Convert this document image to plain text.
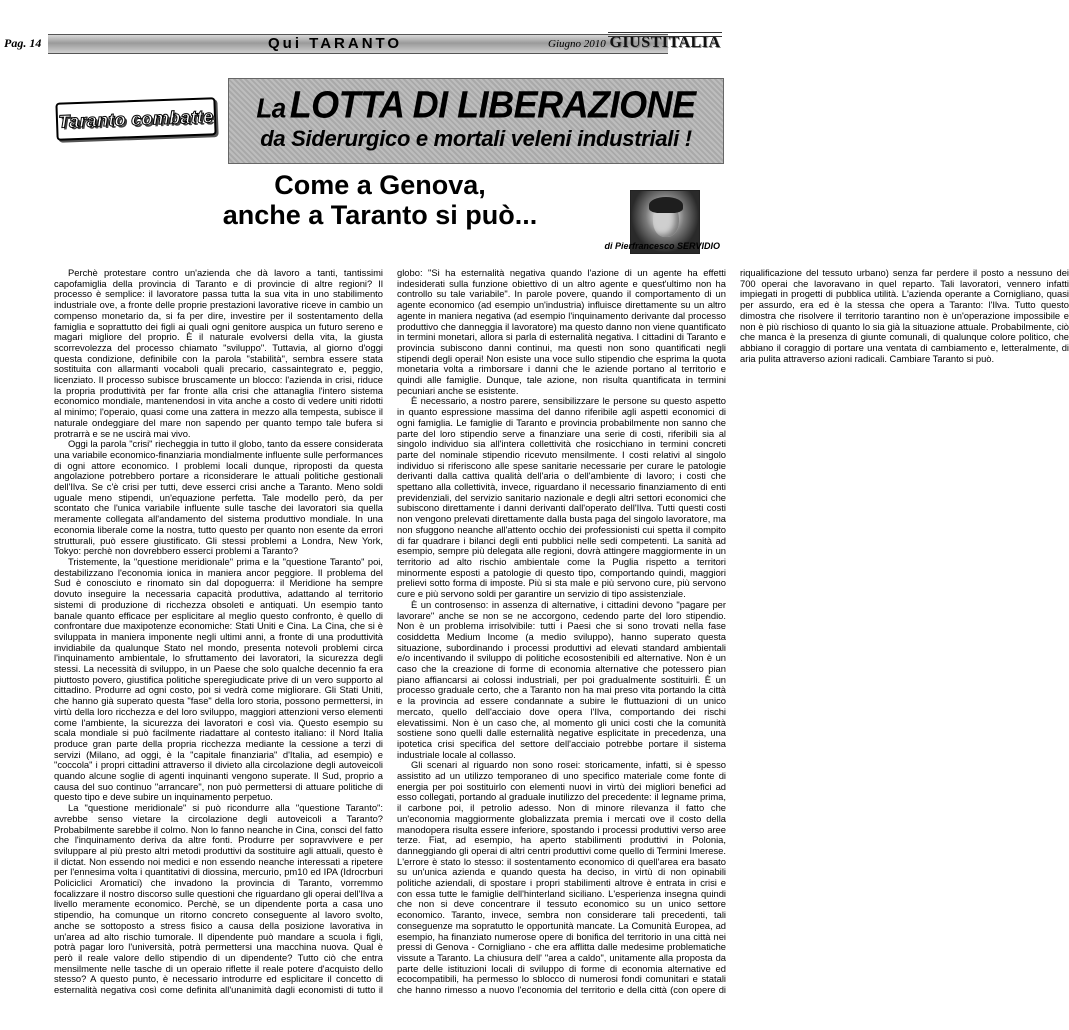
Pag. 14	Qui TARANTO	Giugno 2010 GIUSTITALIA
Taranto combatte	La LOTTA DI LIBERAZIONE
da Siderurgico e mortali veleni industriali !
Come a Genova,
anche a Taranto si può...
di Pierfrancesco SERVIDIO

Perchè protestare contro un'azienda che dà lavoro a tanti, tantissimi capofamiglia della provincia di Taranto e di provincie di altre regioni? Il processo è semplice: il lavoratore passa tutta la sua vita in uno stabilimento industriale ove, a fronte delle proprie prestazioni lavorative riceve in cambio un compenso monetario da, si fa per dire, investire per il sostentamento della famiglia e soprattutto dei figli ai quali ogni genitore auspica un futuro sereno e magari migliore del proprio. È il naturale evolversi della vita, la giusta scorrevolezza del processo chiamato "sviluppo". Tuttavia, al giorno d'oggi questa condizione, definibile con la parola "stabilità", sembra essere stata sostituita con allarmanti vocaboli quali precario, cassaintegrato e, peggio, licenziato. Il processo subisce bruscamente un blocco: l'azienda in crisi, riduce la propria produttività per far fronte alla crisi che attanaglia l'intero sistema economico mondiale, mantenendosi in vita anche a costo di vedere uniti ridotti al minimo; l'operaio, quasi come una zattera in mezzo alla tempesta, subisce il naturale ondeggiare del mare non sapendo per quanto tempo tale bufera si protrarrà e se ne uscirà mai vivo.

Oggi la parola "crisi" riecheggia in tutto il globo, tanto da essere considerata una variabile economico-finanziaria mondialmente influente sulle performances di ogni attore economico. I problemi locali dunque, riproposti da questa angolazione potrebbero portare a riconsiderare le attuali politiche gestionali dell'Ilva. Se c'è crisi per tutti, deve esserci crisi anche a Taranto. Meno soldi uguale meno stipendi, un'equazione perfetta. Tale modello però, da per scontato che l'unica variabile influente sulle tasche dei lavoratori sia quella meramente collegata all'andamento del sistema produttivo mondiale. In una economia liberale come la nostra, tutto questo per quanto non esente da errori strutturali, può essere giustificato. Gli stessi problemi a Londra, New York, Tokyo: perchè non dovrebbero esserci problemi a Taranto?

Tristemente, la "questione meridionale" prima e la "questione Taranto" poi, destabilizzano l'economia ionica in maniera ancor peggiore. Il problema del Sud è conosciuto e rinomato sin dal dopoguerra: il Meridione ha sempre dovuto inseguire la necessaria capacità produttiva, adattando al territorio sistemi di produzione di ricchezza obsoleti e antiquati. Un esempio tanto banale quanto efficace per esplicitare al meglio questo confronto, è quello di confrontare due maxipotenze economiche: Stati Uniti e Cina. La Cina, che si è sviluppata in maniera imponente negli ultimi anni, a fronte di una produttività invidiabile da qualunque Stato nel mondo, presenta notevoli problemi circa l'inquinamento ambientale, lo sfruttamento dei lavoratori, la sicurezza degli stessi. La necessità di sviluppo, in un Paese che solo qualche decennio fa era piuttosto povero, giustifica politiche speregiudicate prive di un vero supporto al cittadino. Produrre ad ogni costo, poi si vedrà come migliorare. Gli Stati Uniti, che hanno già superato questa "fase" della loro storia, possono permettersi, in virtù della loro ricchezza e del loro sviluppo, maggiori attenzioni verso elementi come l'ambiente, la sicurezza dei lavoratori e così via. Questo esempio su scala mondiale si può facilmente riadattare al contesto italiano: il Nord Italia produce gran parte della propria ricchezza mediante la cessione a terzi di servizi (Milano, ad oggi, è la "capitale finanziaria" d'Italia, ad esempio) e "coccola" i propri cittadini attraverso il divieto alla circolazione degli autoveicoli quando alcune soglie di agenti inquinanti vengono superate. Il Sud, proprio a causa del suo continuo "arrancare", non può permettersi di attuare politiche di questo tipo e deve subire un inquinamento perpetuo.

La "questione meridionale" si può ricondurre alla "questione Taranto": avrebbe senso vietare la circolazione degli autoveicoli a Taranto? Probabilmente sarebbe il colmo. Non lo fanno neanche in Cina, consci del fatto che l'inquinamento deriva da altre fonti. Produrre per sopravvivere e per sviluppare al più presto altri metodi produttivi da sostituire agli attuali, questo è il dictat. Non essendo noi medici e non essendo neanche interessati a ripetere per l'ennesima volta i quantitativi di diossina, mercurio, pm10 ed IPA (Idrocrburi Policiclici Aromatici) che invadono la provincia di Taranto, vorremmo focalizzare il nostro discorso sulle questioni che riguardano gli operai dell'Ilva a livello meramente economico. Perchè, se un dipendente porta a casa uno stipendio, ha comunque un ritorno concreto conseguente al lavoro svolto, anche se sottoposto a stress fisico a causa della posizione lavorativa in un'area ad alto rischio tumorale. Il dipendente può mandare a scuola i figli, potrà pagar loro l'università, potrà permettersi una macchina nuova. Qual è però il reale valore dello stipendio di un dipendente? Tutto ciò che entra mensilmente nelle tasche di un operaio riflette il reale potere d'acquisto dello stesso? A questo punto, è necessario introdurre ed esplicitare il concetto di esternalità negativa così come definita all'unanimità dagli economisti di tutto il globo: "Si ha esternalità negativa quando l'azione di un agente ha effetti indesiderati sulla funzione obiettivo di un altro agente e quest'ultimo non ha controllo su tale variabile". In parole povere, quando il comportamento di un agente economico (ad esempio un'industria) influisce direttamente su un altro agente in maniera negativa (ad esempio l'inquinamento derivante dal processo produttivo che danneggia il lavoratore) ma questo danno non viene quantificato in termini monetari, allora si parla di esternalità negativa. I cittadini di Taranto e provincia subiscono danni continui, ma questi non sono quantificati negli stipendi degli operai! Non esiste una voce sullo stipendio che esprima la quota monetaria volta a rimborsare i danni che le aziende portano al territorio e quindi alle famiglie. Dunque, tale azione, non risulta quantificata in termini pecuniari anche se esistente.

È necessario, a nostro parere, sensibilizzare le persone su questo aspetto in quanto espressione massima del danno riferibile agli aspetti economici di ogni famiglia. Le famiglie di Taranto e provincia probabilmente non sanno che parte del loro stipendio serve a finanziare una serie di costi, riferibili sia al singolo individuo sia all'intera collettività che rosicchiano in termini concreti parte del nominale stipendio ricevuto mensilmente. I costi relativi al singolo individuo si riferiscono alle spese sanitarie necessarie per curare le patologie derivanti dalla cattiva qualità dell'aria o dell'ambiente di lavoro; i costi che spettano alla collettività, invece, riguardano il necessario finanziamento di enti previdenziali, del servizio sanitario nazionale e degli altri settori economici che subiscono direttamente i danni derivanti dall'operato dell'Ilva. Tutti questi costi non vengono prelevati direttamente dalla busta paga del singolo lavoratore, ma non sfuggono neanche all'attento occhio dei professionisti cui spetta il compito di far quadrare i bilanci degli enti pubblici nelle sedi competenti. La sanità ad esempio, sempre più delegata alle regioni, dovrà attingere maggiormente in un territorio ad alto rischio ambientale come la Puglia rispetto a territori minormente esposti a patologie di questo tipo, comportando quindi, maggiori prelievi sotto forma di imposte. Più si sta male e più servono cure, più servono cure e più servono soldi per garantire un servizio di tipo assistenziale.

È un controsenso: in assenza di alternative, i cittadini devono "pagare per lavorare" anche se non se ne accorgono, cedendo parte del loro stipendio. Non è un problema irrisolvibile: tutti i Paesi che si sono trovati nella fase cosiddetta Medium Income (a medio sviluppo), hanno superato questa situazione, subordinando i processi produttivi ad elevati standard ambientali e/o incentivando il sviluppo di politiche ecosostenibili ed alternative. Non è un caso che la creazione di forme di economia alternative che potessero pian piano affiancarsi ai colossi industriali, per poi gradualmente sostituirli. È un processo graduale certo, che a Taranto non ha mai preso vita portando la città e la provincia ad essere condannate a subire le fluttuazioni di un unico mercato, quello dell'acciaio dove opera l'Ilva, comportando dei rischi elevatissimi. Non è un caso che, al momento gli unici costi che la comunità sostiene sono quelli dalle esternalità negative esplicitate in precedenza, una ipotetica crisi specifica del settore dell'acciaio potrebbe portare il sistema industriale locale al collasso.

Gli scenari al riguardo non sono rosei: storicamente, infatti, si è spesso assistito ad un utilizzo temporaneo di uno specifico materiale come fonte di energia per poi sostituirlo con elementi nuovi in virtù dei migliori benefici ad esso collegati, portando al graduale inutilizzo del precedente: il legname prima, il carbone poi, il petrolio adesso. Non di minore rilevanza il fatto che un'economia maggiormente globalizzata premia i mercati ove il costo della manodopera risulta essere inferiore, spostando i processi produttivi verso aree terze. Fiat, ad esempio, ha aperto stabilimenti produttivi in Polonia, danneggiando gli operai di altri centri produttivi come quello di Termini Imerese. L'errore è stato lo stesso: il sostentamento economico di quell'area era basato su un'unica azienda e quando questa ha deciso, in virtù di non opinabili politiche aziendali, di spostare i propri stabilimenti altrove è entrata in crisi e con essa tutte le famiglie dell'hinterland siciliano. L'esperienza insegna quindi che non si deve concentrare il tessuto economico su un unico settore economico. Taranto, invece, sembra non considerare tali precedenti, tali conseguenze ma sopratutto le opportunità mancate. La Comunità Europea, ad esempio, ha finanziato numerose opere di bonifica del territorio in una città nei pressi di Genova - Cornigliano - che era afflitta dalle medesime problematiche vissute a Taranto. La chiusura dell' "area a caldo", unitamente alla proposta da parte delle istituzioni locali di sviluppo di forme di economia alternative ed ecocompatibili, ha permesso lo sblocco di numerosi fondi comunitari e statali che hanno rimesso a nuovo l'economia del territorio e della città (con opere di riqualificazione del tessuto urbano) senza far perdere il posto a nessuno dei 700 operai che lavoravano in quel reparto. Tali lavoratori, vennero infatti impiegati in progetti di pubblica utilità. L'azienda operante a Cornigliano, quasi per assurdo, era ed è la stessa che opera a Taranto: l'Ilva. Tutto questo dimostra che risolvere il territorio tarantino non è un'operazione impossibile e non è più rischioso di quanto lo sia già la situazione attuale. Probabilmente, ciò che manca è la presenza di giunte comunali, di qualunque colore politico, che abbiano il coraggio di portare una ventata di cambiamento e, letteralmente, di aria pulita attraverso azioni radicali. Cambiare Taranto si può.
